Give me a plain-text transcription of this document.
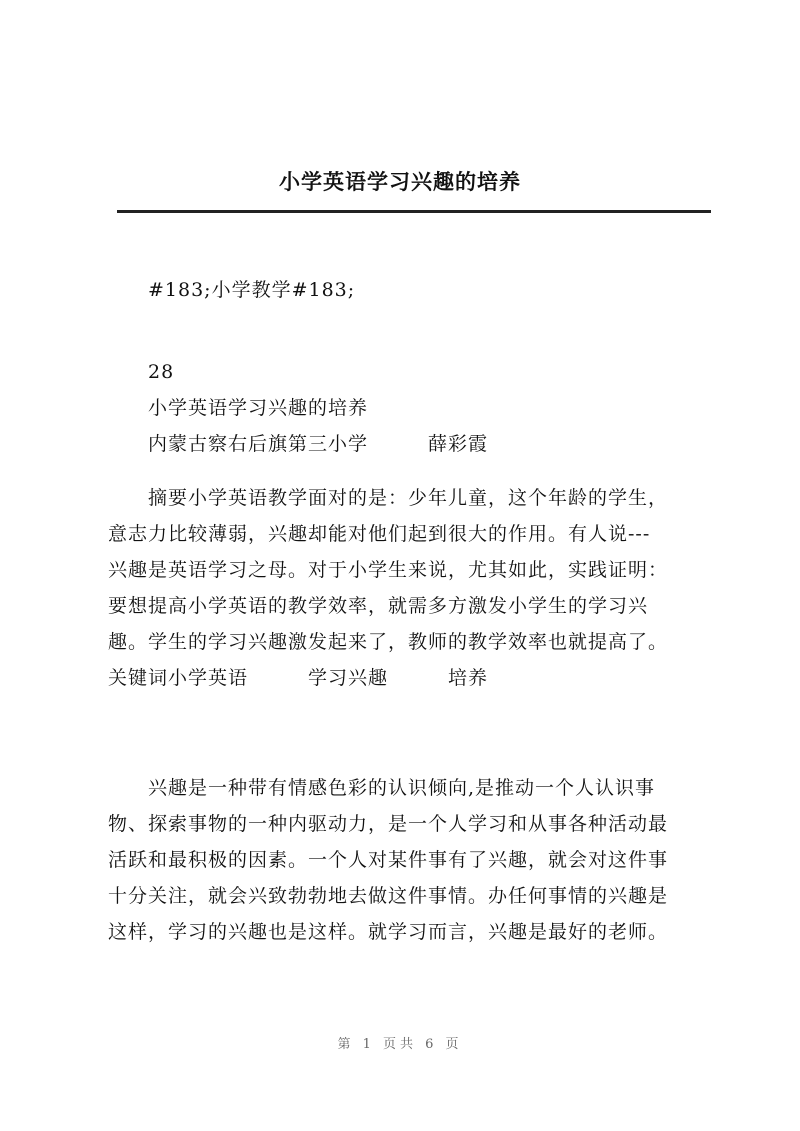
小学英语学习兴趣的培养
#183;小学教学#183;
28
小学英语学习兴趣的培养
内蒙古察右后旗第三小学　　　薛彩霞
摘要小学英语教学面对的是：少年儿童，这个年龄的学生，
意志力比较薄弱，兴趣却能对他们起到很大的作用。有人说---
兴趣是英语学习之母。对于小学生来说，尤其如此，实践证明：
要想提高小学英语的教学效率，就需多方激发小学生的学习兴
趣。学生的学习兴趣激发起来了，教师的教学效率也就提高了。
关键词小学英语　　　学习兴趣　　　培养
兴趣是一种带有情感色彩的认识倾向,是推动一个人认识事
物、探索事物的一种内驱动力，是一个人学习和从事各种活动最
活跃和最积极的因素。一个人对某件事有了兴趣，就会对这件事
十分关注，就会兴致勃勃地去做这件事情。办任何事情的兴趣是
这样，学习的兴趣也是这样。就学习而言，兴趣是最好的老师。
第 1 页共 6 页
